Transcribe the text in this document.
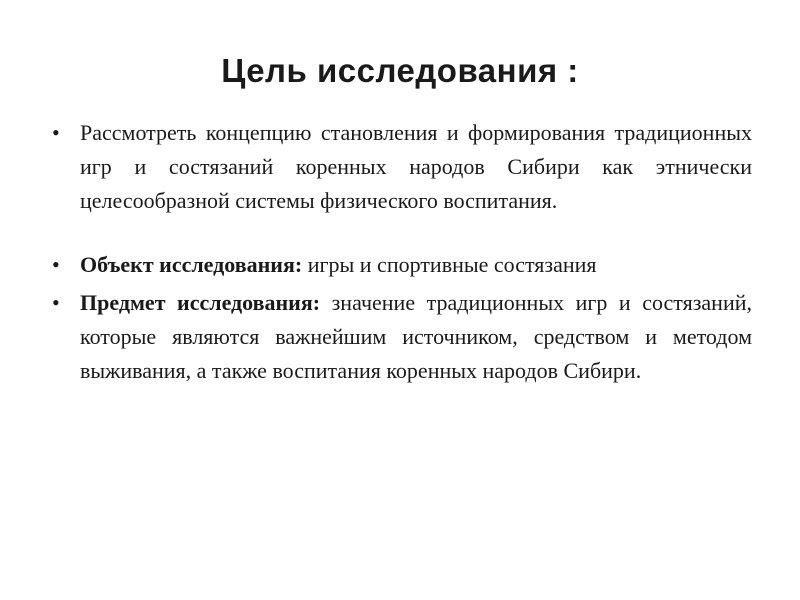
Цель исследования :
• Рассмотреть концепцию становления и формирования традиционных игр и состязаний коренных народов Сибири как этнически целесообразной системы физического воспитания.
• Объект исследования: игры и спортивные состязания
• Предмет исследования: значение традиционных игр и состязаний, которые являются важнейшим источником, средством и методом выживания, а также воспитания коренных народов Сибири.
